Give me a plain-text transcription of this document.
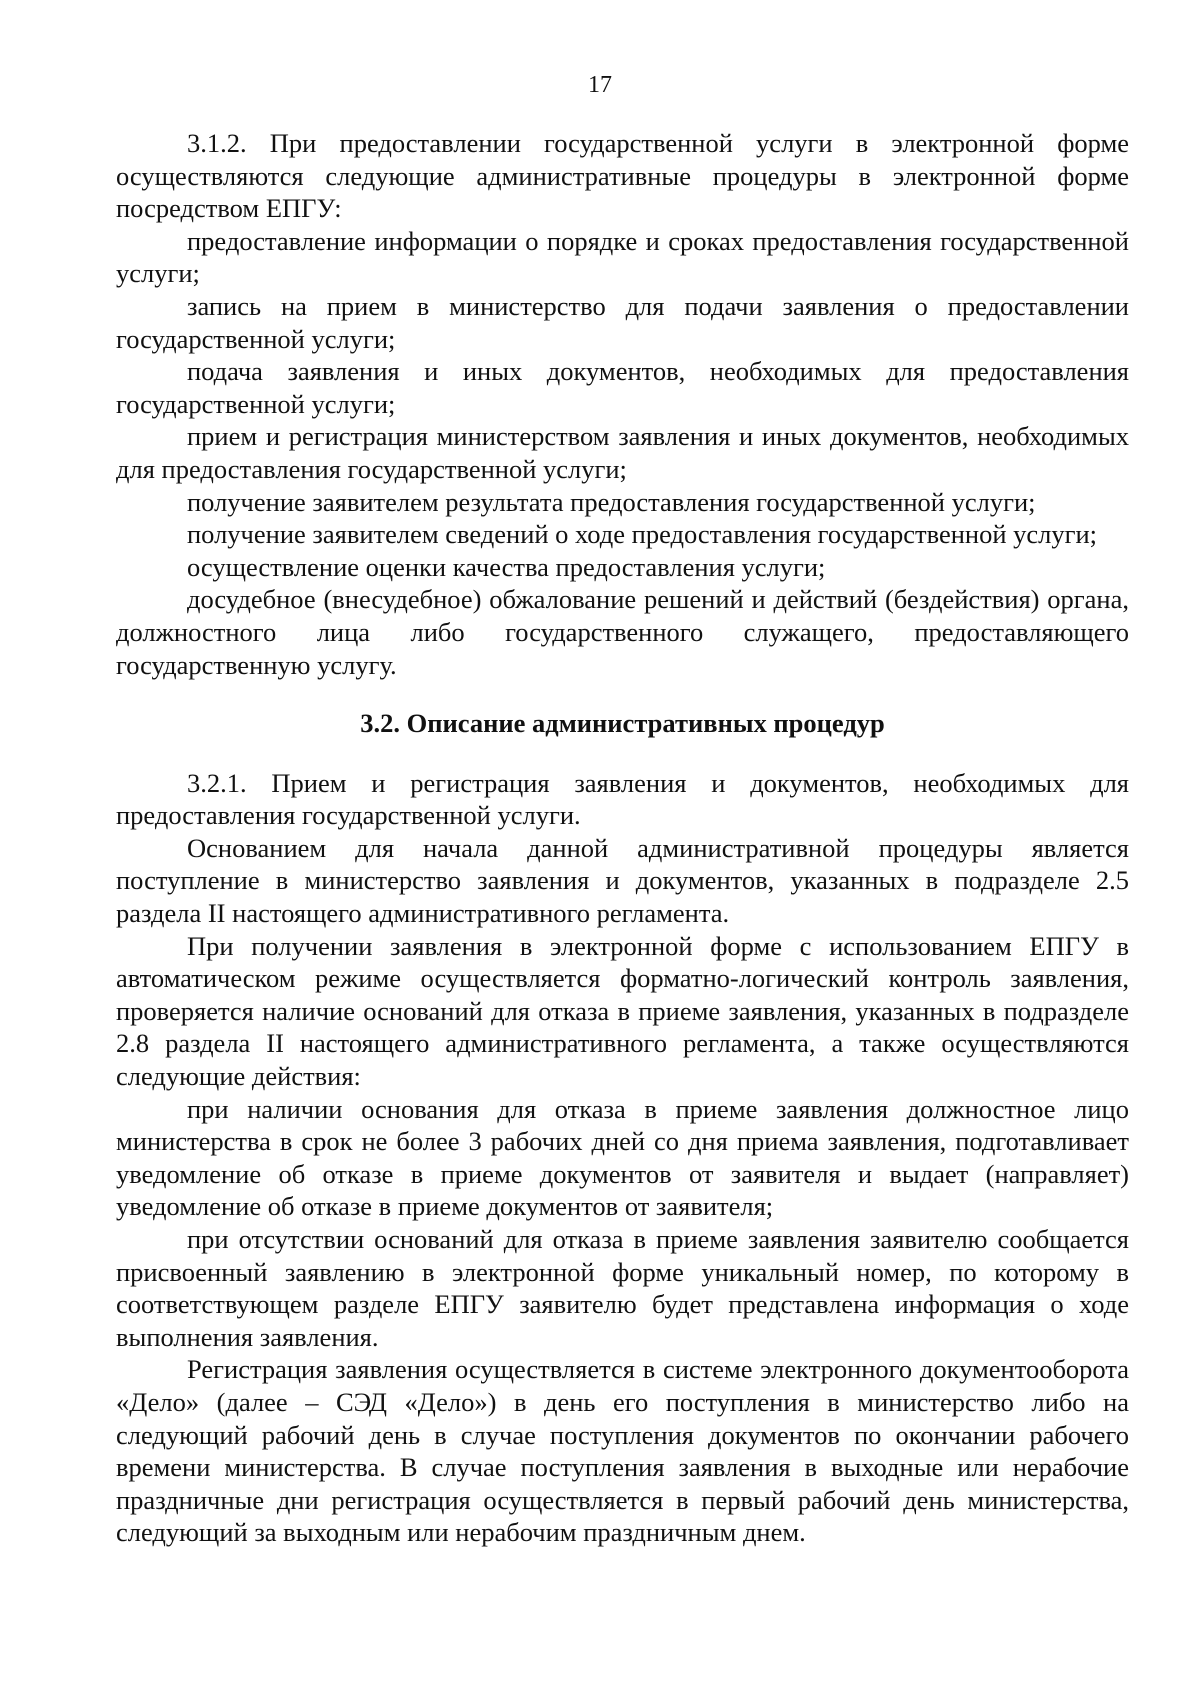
17

3.1.2. При предоставлении государственной услуги в электронной форме осуществляются следующие административные процедуры в электронной форме посредством ЕПГУ:

предоставление информации о порядке и сроках предоставления государственной услуги;

запись на прием в министерство для подачи заявления о предоставлении государственной услуги;

подача заявления и иных документов, необходимых для предоставления государственной услуги;

прием и регистрация министерством заявления и иных документов, необходимых для предоставления государственной услуги;

получение заявителем результата предоставления государственной услуги;

получение заявителем сведений о ходе предоставления государственной услуги;

осуществление оценки качества предоставления услуги;

досудебное (внесудебное) обжалование решений и действий (бездействия) органа, должностного лица либо государственного служащего, предоставляющего государственную услугу.

3.2. Описание административных процедур

3.2.1. Прием и регистрация заявления и документов, необходимых для предоставления государственной услуги.

Основанием для начала данной административной процедуры является поступление в министерство заявления и документов, указанных в подразделе 2.5 раздела II настоящего административного регламента.

При получении заявления в электронной форме с использованием ЕПГУ в автоматическом режиме осуществляется форматно-логический контроль заявления, проверяется наличие оснований для отказа в приеме заявления, указанных в подразделе 2.8 раздела II настоящего административного регламента, а также осуществляются следующие действия:

при наличии основания для отказа в приеме заявления должностное лицо министерства в срок не более 3 рабочих дней со дня приема заявления, подготавливает уведомление об отказе в приеме документов от заявителя и выдает (направляет) уведомление об отказе в приеме документов от заявителя;

при отсутствии оснований для отказа в приеме заявления заявителю сообщается присвоенный заявлению в электронной форме уникальный номер, по которому в соответствующем разделе ЕПГУ заявителю будет представлена информация о ходе выполнения заявления.

Регистрация заявления осуществляется в системе электронного документооборота «Дело» (далее – СЭД «Дело») в день его поступления в министерство либо на следующий рабочий день в случае поступления документов по окончании рабочего времени министерства. В случае поступления заявления в выходные или нерабочие праздничные дни регистрация осуществляется в первый рабочий день министерства, следующий за выходным или нерабочим праздничным днем.
